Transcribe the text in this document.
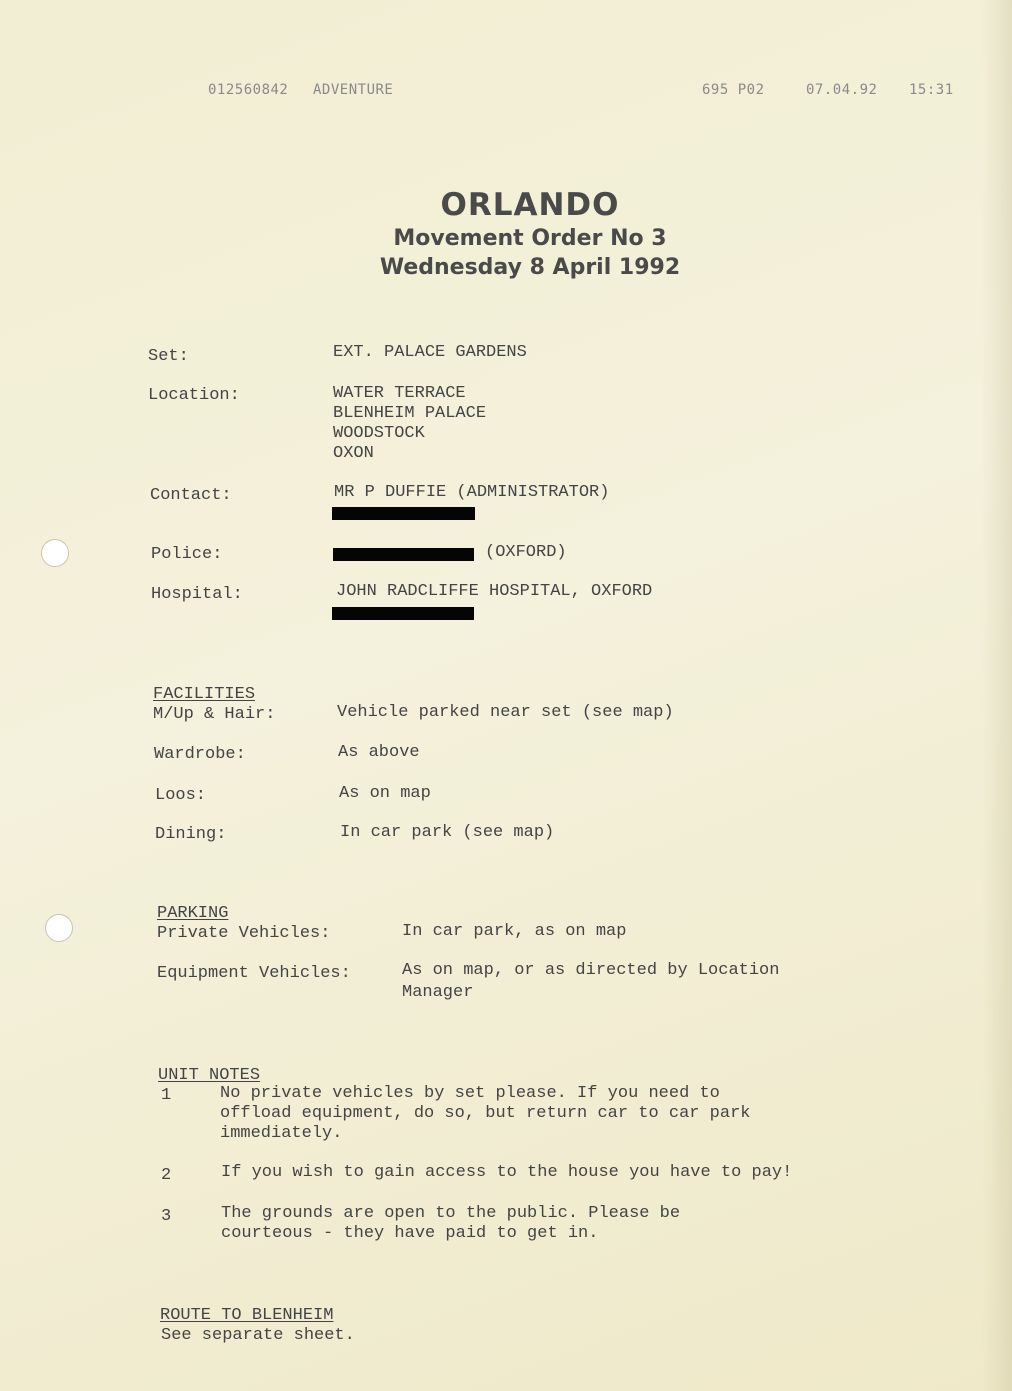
012560842 ADVENTURE	695 P02	07.04.92 15:31
ORLANDO
Movement Order No 3
Wednesday 8 April 1992
Set:	EXT. PALACE GARDENS
Location:	WATER TERRACE
BLENHEIM PALACE
WOODSTOCK
OXON
Contact:	MR P DUFFIE (ADMINISTRATOR)
Police:	(OXFORD)
Hospital:	JOHN RADCLIFFE HOSPITAL, OXFORD
FACILITIES
M/Up & Hair:	Vehicle parked near set (see map)
Wardrobe:	As above
Loos:	As on map
Dining:	In car park (see map)
PARKING
Private Vehicles:	In car park, as on map
Equipment Vehicles:	As on map, or as directed by Location
Manager
UNIT NOTES
1	No private vehicles by set please. If you need to
offload equipment, do so, but return car to car park
immediately.
2	If you wish to gain access to the house you have to pay!
3	The grounds are open to the public. Please be
courteous - they have paid to get in.
ROUTE TO BLENHEIM
See separate sheet.
